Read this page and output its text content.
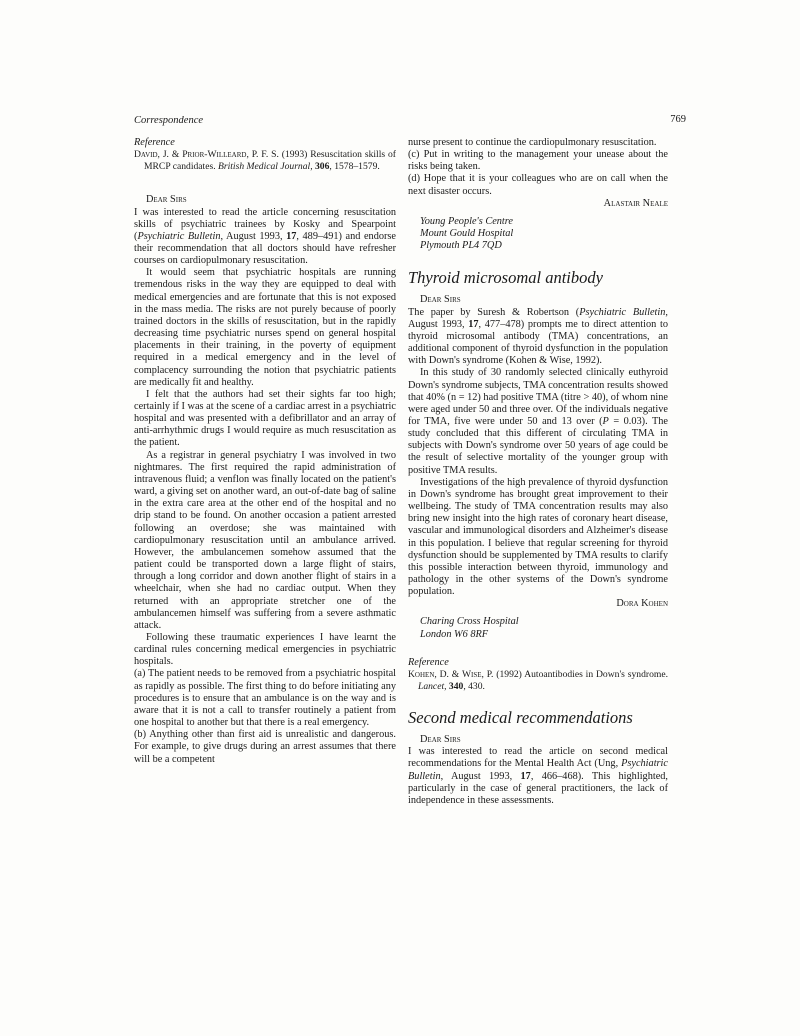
Correspondence	769

Reference

David, J. & Prior-Willeard, P. F. S. (1993) Resuscitation skills of MRCP candidates. British Medical Journal, 306, 1578–1579.

Dear Sirs

I was interested to read the article concerning resuscitation skills of psychiatric trainees by Kosky and Spearpoint (Psychiatric Bulletin, August 1993, 17, 489–491) and endorse their recommendation that all doctors should have refresher courses on cardiopulmonary resuscitation.

It would seem that psychiatric hospitals are running tremendous risks in the way they are equipped to deal with medical emergencies and are fortunate that this is not exposed in the mass media. The risks are not purely because of poorly trained doctors in the skills of resuscitation, but in the rapidly decreasing time psychiatric nurses spend on general hospital placements in their training, in the poverty of equipment required in a medical emergency and in the level of complacency surrounding the notion that psychiatric patients are medically fit and healthy.

I felt that the authors had set their sights far too high; certainly if I was at the scene of a cardiac arrest in a psychiatric hospital and was presented with a defibrillator and an array of anti-arrhythmic drugs I would require as much resuscitation as the patient.

As a registrar in general psychiatry I was involved in two nightmares. The first required the rapid administration of intravenous fluid; a venflon was finally located on the patient's ward, a giving set on another ward, an out-of-date bag of saline in the extra care area at the other end of the hospital and no drip stand to be found. On another occasion a patient arrested following an overdose; she was maintained with cardiopulmonary resuscitation until an ambulance arrived. However, the ambulancemen somehow assumed that the patient could be transported down a large flight of stairs, through a long corridor and down another flight of stairs in a wheelchair, when she had no cardiac output. When they returned with an appropriate stretcher one of the ambulancemen himself was suffering from a severe asthmatic attack.

Following these traumatic experiences I have learnt the cardinal rules concerning medical emergencies in psychiatric hospitals.

(a) The patient needs to be removed from a psychiatric hospital as rapidly as possible. The first thing to do before initiating any procedures is to ensure that an ambulance is on the way and is aware that it is not a call to transfer routinely a patient from one hospital to another but that there is a real emergency.

(b) Anything other than first aid is unrealistic and dangerous. For example, to give drugs during an arrest assumes that there will be a competent

nurse present to continue the cardiopulmonary resuscitation.

(c) Put in writing to the management your unease about the risks being taken.

(d) Hope that it is your colleagues who are on call when the next disaster occurs.

Alastair Neale

Young People's Centre

Mount Gould Hospital

Plymouth PL4 7QD

Thyroid microsomal antibody

Dear Sirs

The paper by Suresh & Robertson (Psychiatric Bulletin, August 1993, 17, 477–478) prompts me to direct attention to thyroid microsomal antibody (TMA) concentrations, an additional component of thyroid dysfunction in the population with Down's syndrome (Kohen & Wise, 1992).

In this study of 30 randomly selected clinically euthyroid Down's syndrome subjects, TMA concentration results showed that 40% (n = 12) had positive TMA (titre > 40), of whom nine were aged under 50 and three over. Of the individuals negative for TMA, five were under 50 and 13 over (P = 0.03). The study concluded that this different of circulating TMA in subjects with Down's syndrome over 50 years of age could be the result of selective mortality of the younger group with positive TMA results.

Investigations of the high prevalence of thyroid dysfunction in Down's syndrome has brought great improvement to their wellbeing. The study of TMA concentration results may also bring new insight into the high rates of coronary heart disease, vascular and immunological disorders and Alzheimer's disease in this population. I believe that regular screening for thyroid dysfunction should be supplemented by TMA results to clarify this possible interaction between thyroid, immunology and pathology in the other systems of the Down's syndrome population.

Dora Kohen

Charing Cross Hospital

London W6 8RF

Reference

Kohen, D. & Wise, P. (1992) Autoantibodies in Down's syndrome. Lancet, 340, 430.

Second medical recommendations

Dear Sirs

I was interested to read the article on second medical recommendations for the Mental Health Act (Ung, Psychiatric Bulletin, August 1993, 17, 466–468). This highlighted, particularly in the case of general practitioners, the lack of independence in these assessments.
